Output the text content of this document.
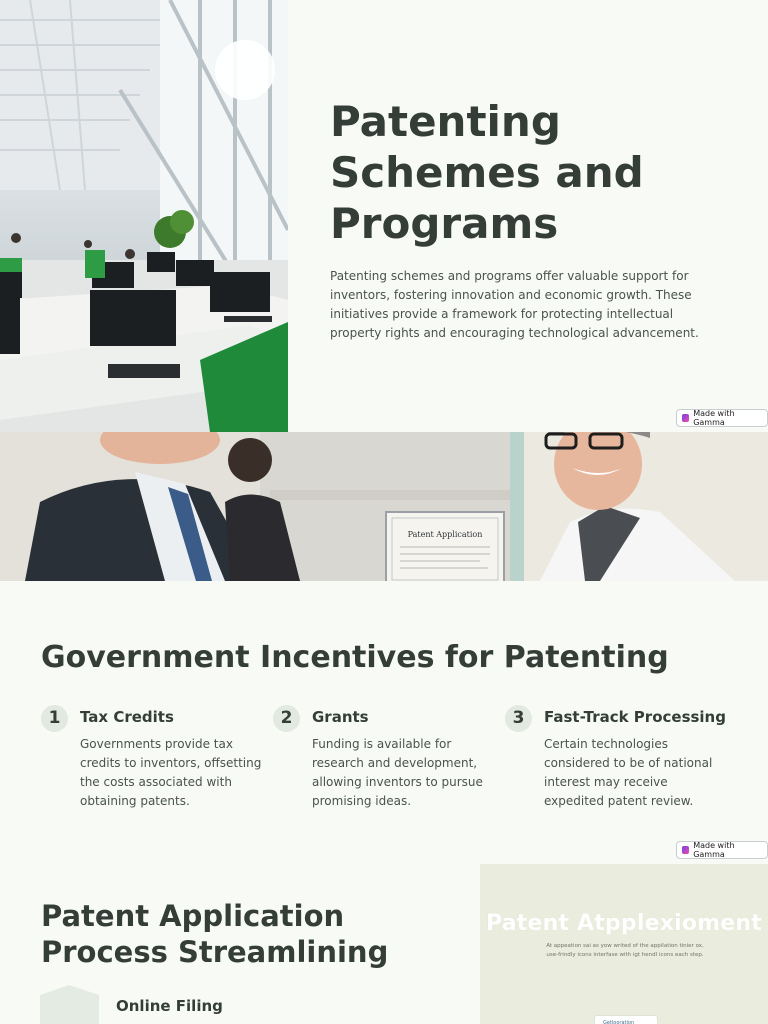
Patenting Schemes and Programs

Patenting schemes and programs offer valuable support for inventors, fostering innovation and economic growth. These initiatives provide a framework for protecting intellectual property rights and encouraging technological advancement.

Made with Gamma
Patent Application
Government Incentives for Patenting
1	Tax Credits
Governments provide tax credits to inventors, offsetting the costs associated with obtaining patents.
2	Grants
Funding is available for research and development, allowing inventors to pursue promising ideas.
3	Fast-Track Processing
Certain technologies considered to be of national interest may receive expedited patent review.
Made with Gamma
Patent Application Process Streamlining
Online Filing
Patent Atpplexioment
At appeation sai as yow writed of the appilation tinier ox, use-frindly icons interfase with igt hendl icons each step.
Getlooration
